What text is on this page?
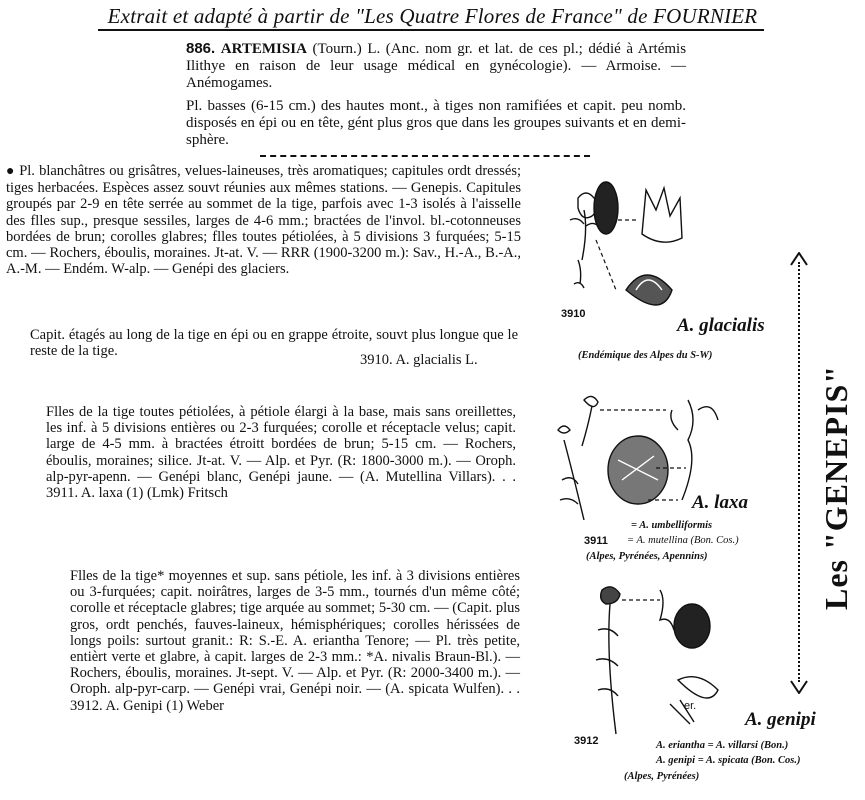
Extrait et adapté à partir de "Les Quatre Flores de France" de FOURNIER

886. ARTEMISIA (Tourn.) L. (Anc. nom gr. et lat. de ces pl.; dédié à Artémis Ilithye en raison de leur usage médical en gynécologie). — Armoise. — Anémogames.

Pl. basses (6-15 cm.) des hautes mont., à tiges non ramifiées et capit. peu nomb. disposés en épi ou en tête, gént plus gros que dans les groupes suivants et en demi-sphère.

● Pl. blanchâtres ou grisâtres, velues-laineuses, très aromatiques; capitules ordt dressés; tiges herbacées. Espèces assez souvt réunies aux mêmes stations. — Genepis. Capitules groupés par 2-9 en tête serrée au sommet de la tige, parfois avec 1-3 isolés à l'aisselle des flles sup., presque sessiles, larges de 4-6 mm.; bractées de l'invol. bl.-cotonneuses bordées de brun; corolles glabres; flles toutes pétiolées, à 5 divisions 3 furquées; 5-15 cm. — Rochers, éboulis, moraines. Jt-at. V. — RRR (1900-3200 m.): Sav., H.-A., B.-A., A.-M. — Endém. W-alp. — Genépi des glaciers.

3910. A. glacialis L.

Capit. étagés au long de la tige en épi ou en grappe étroite, souvt plus longue que le reste de la tige.

Flles de la tige toutes pétiolées, à pétiole élargi à la base, mais sans oreillettes, les inf. à 5 divisions entières ou 2-3 furquées; corolle et réceptacle velus; capit. large de 4-5 mm. à bractées étroitt bordées de brun; 5-15 cm. — Rochers, éboulis, moraines; silice. Jt-at. V. — Alp. et Pyr. (R: 1800-3000 m.). — Oroph. alp-pyr-apenn. — Genépi blanc, Genépi jaune. — (A. Mutellina Villars). . . 3911. A. laxa (1) (Lmk) Fritsch

Flles de la tige* moyennes et sup. sans pétiole, les inf. à 3 divisions entières ou 3-furquées; capit. noirâtres, larges de 3-5 mm., tournés d'un même côté; corolle et réceptacle glabres; tige arquée au sommet; 5-30 cm. — (Capit. plus gros, ordt penchés, fauves-laineux, hémisphériques; corolles hérissées de longs poils: surtout granit.: R: S.-E. A. eriantha Tenore; — Pl. très petite, entièrt verte et glabre, à capit. larges de 2-3 mm.: *A. nivalis Braun-Bl.). — Rochers, éboulis, moraines. Jt-sept. V. — Alp. et Pyr. (R: 2000-3400 m.). — Oroph. alp-pyr-carp. — Genépi vrai, Genépi noir. — (A. spicata Wulfen). . . 3912. A. Genipi (1) Weber

3910
A. glacialis
(Endémique des Alpes du S-W)
3911
A. laxa
= A. umbelliformis
= A. mutellina (Bon. Cos.)
(Alpes, Pyrénées, Apennins)
3912
er.
A. genipi
A. eriantha = A. villarsi (Bon.)
A. genipi = A. spicata (Bon. Cos.)
(Alpes, Pyrénées)
Les "GENEPIS"
